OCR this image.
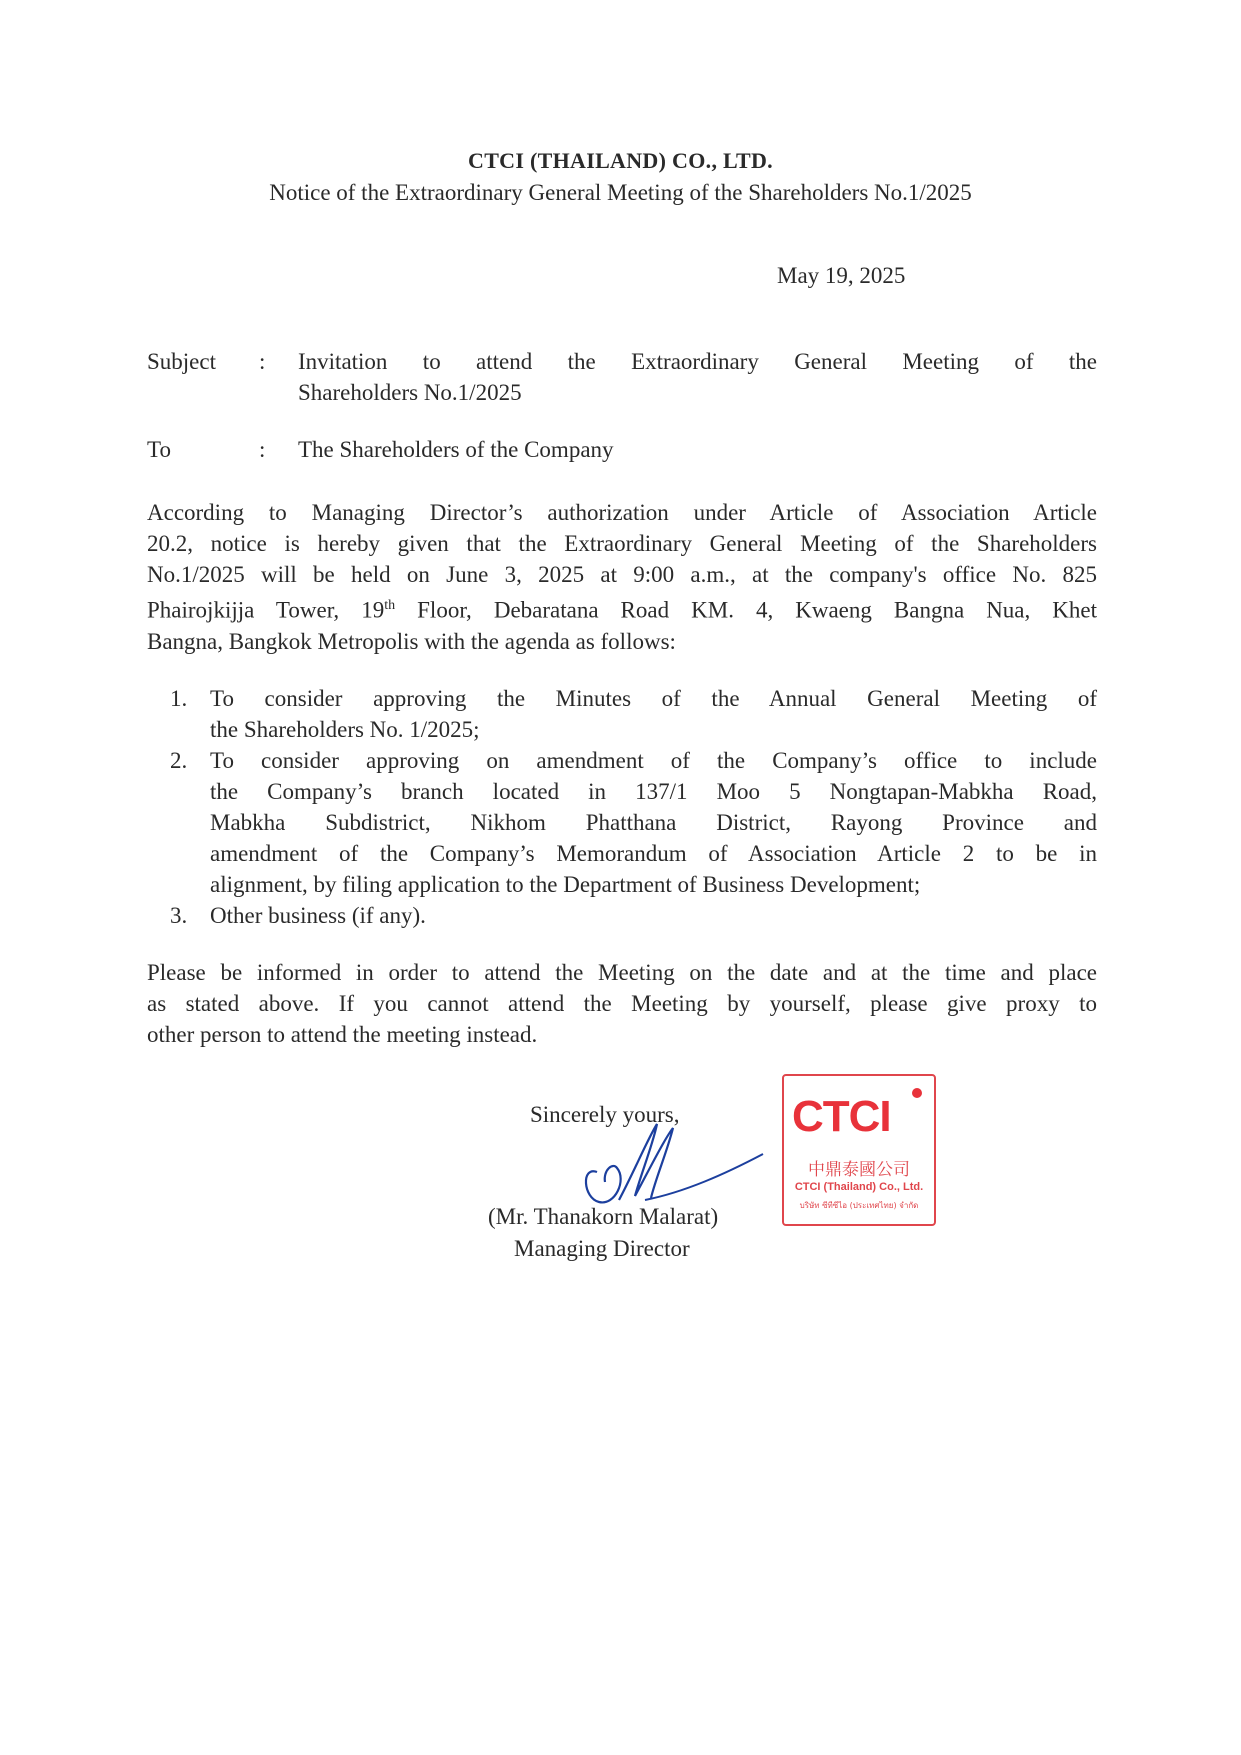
CTCI (THAILAND) CO., LTD.
Notice of the Extraordinary General Meeting of the Shareholders No.1/2025
May 19, 2025
Subject : Invitation to attend the Extraordinary General Meeting of the
Shareholders No.1/2025
To	: The Shareholders of the Company
According to Managing Director’s authorization under Article of Association Article
20.2, notice is hereby given that the Extraordinary General Meeting of the Shareholders
No.1/2025 will be held on June 3, 2025 at 9:00 a.m., at the company's office No. 825
Phairojkijja Tower, 19th Floor, Debaratana Road KM. 4, Kwaeng Bangna Nua, Khet
Bangna, Bangkok Metropolis with the agenda as follows:
1. To consider approving the Minutes of the Annual General Meeting of
the Shareholders No. 1/2025;
2. To consider approving on amendment of the Company’s office to include
the Company’s branch located in 137/1 Moo 5 Nongtapan-Mabkha Road,
Mabkha Subdistrict, Nikhom Phatthana District, Rayong Province and
amendment of the Company’s Memorandum of Association Article 2 to be in
alignment, by filing application to the Department of Business Development;
3. Other business (if any).
Please be informed in order to attend the Meeting on the date and at the time and place
as stated above. If you cannot attend the Meeting by yourself, please give proxy to
other person to attend the meeting instead.
Sincerely yours,
(Mr. Thanakorn Malarat)
Managing Director
CTCI
中鼎泰國公司
CTCI (Thailand) Co., Ltd.
บริษัท ซีทีซีไอ (ประเทศไทย) จำกัด
